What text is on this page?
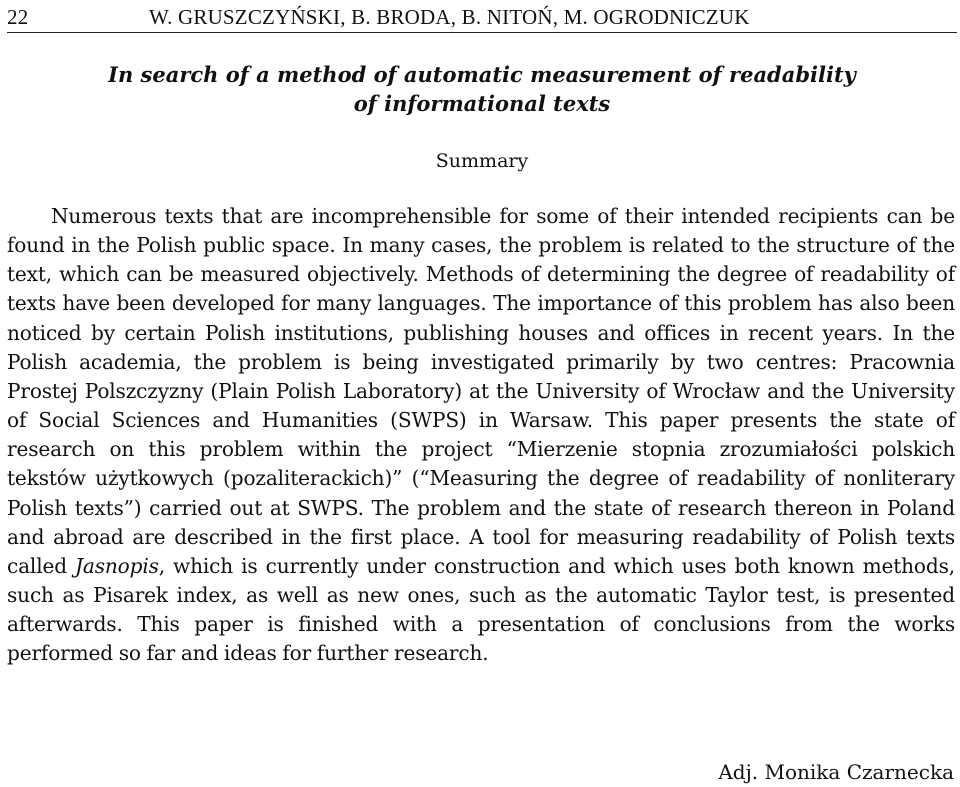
22	W. GRUSZCZYŃSKI, B. BRODA, B. NITOŃ, M. OGRODNICZUK
In search of a method of automatic measurement of readability
of informational texts
Summary

Numerous texts that are incomprehensible for some of their intended recipients can be found in the Polish public space. In many cases, the problem is related to the structure of the text, which can be measured objectively. Methods of determining the degree of readability of texts have been developed for many languages. The importance of this problem has also been noticed by certain Polish institutions, publishing houses and offices in recent years. In the Polish academia, the problem is being investigated primarily by two centres: Pracownia Prostej Polszczyzny (Plain Polish Laboratory) at the University of Wrocław and the University of Social Sciences and Humanities (SWPS) in Warsaw. This paper presents the state of research on this problem within the project “Mierzenie stopnia zrozumiałości polskich tekstów użytkowych (pozaliterackich)” (“Measuring the degree of readability of nonliterary Polish texts”) carried out at SWPS. The problem and the state of research thereon in Poland and abroad are described in the first place. A tool for measuring readability of Polish texts called Jasnopis, which is currently under construction and which uses both known methods, such as Pisarek index, as well as new ones, such as the automatic Taylor test, is presented afterwards. This paper is finished with a presentation of conclusions from the works performed so far and ideas for further research.

Adj. Monika Czarnecka
